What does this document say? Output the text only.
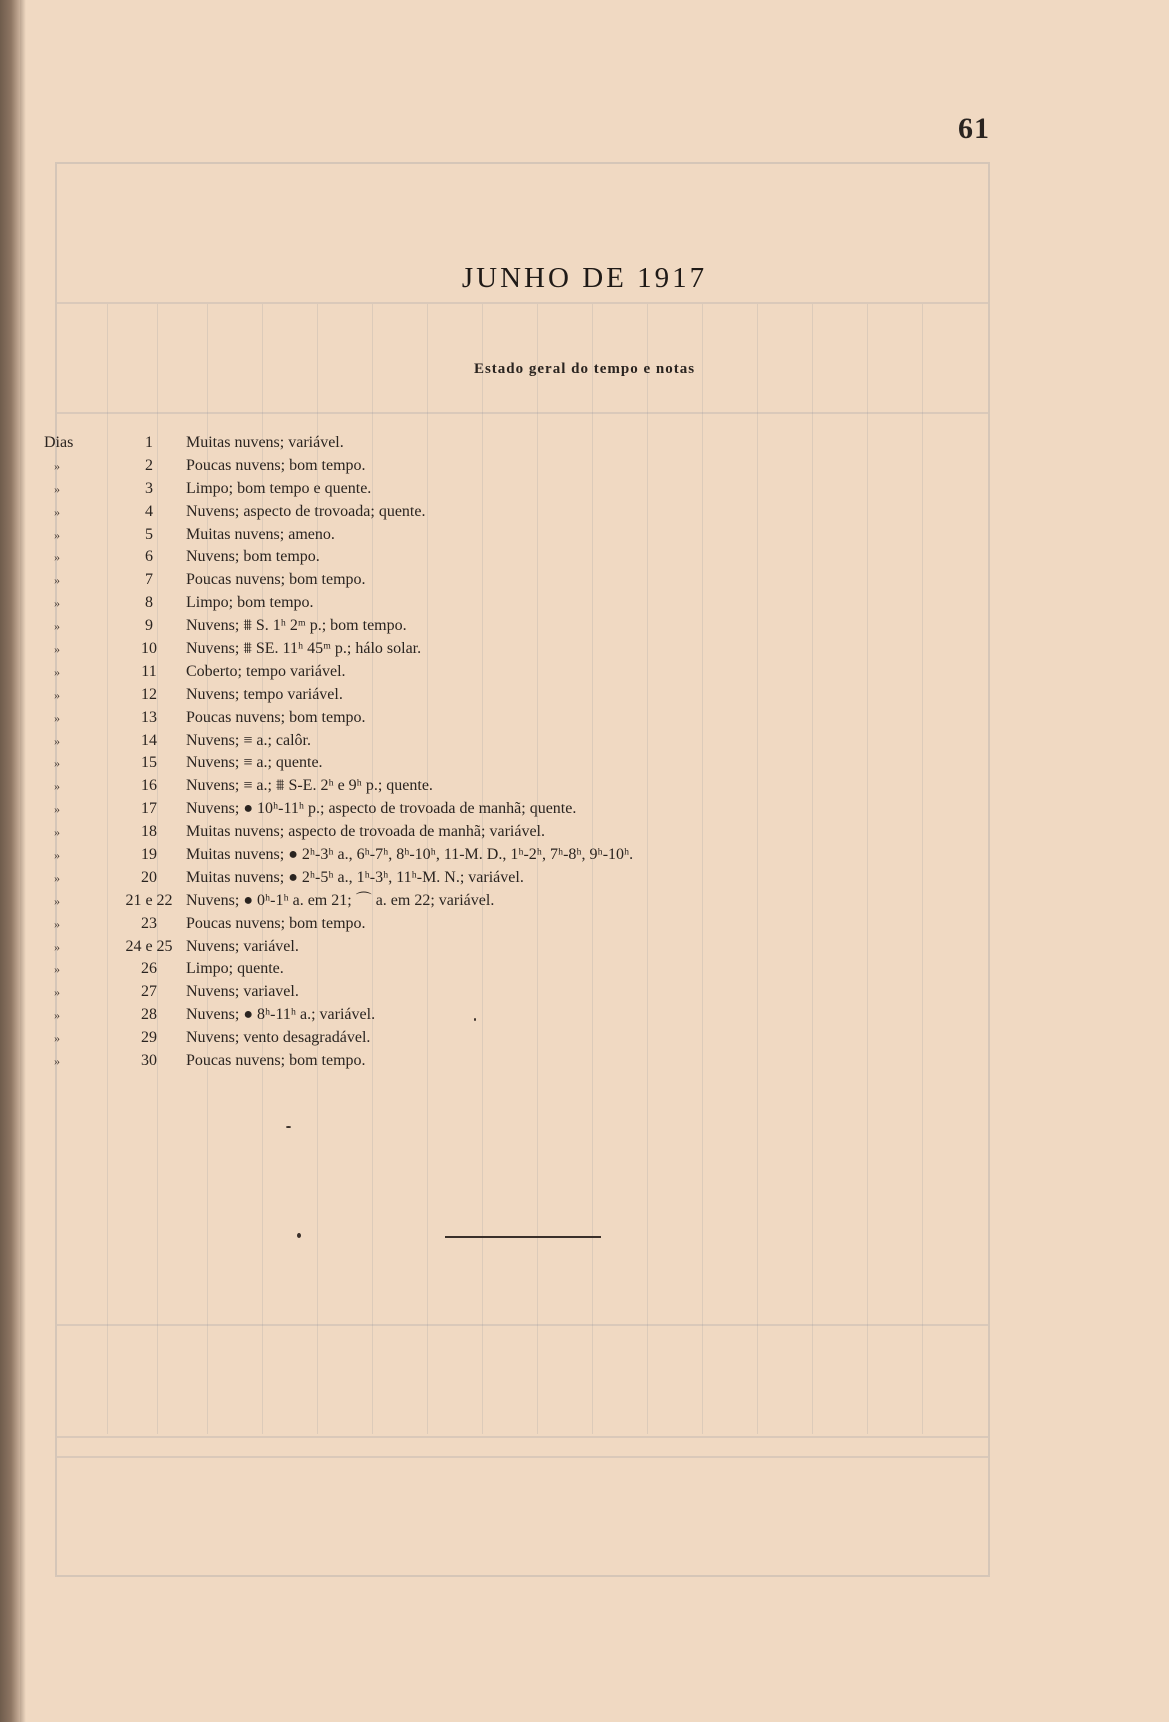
61
JUNHO DE 1917
Estado geral do tempo e notas
Dias	1	Muitas nuvens; variável.
»	2	Poucas nuvens; bom tempo.
»	3	Limpo; bom tempo e quente.
»	4	Nuvens; aspecto de trovoada; quente.
»	5	Muitas nuvens; ameno.
»	6	Nuvens; bom tempo.
»	7	Poucas nuvens; bom tempo.
»	8	Limpo; bom tempo.
»	9	Nuvens; ⩩ S. 1ʰ 2ᵐ p.; bom tempo.
»	10	Nuvens; ⩩ SE. 11ʰ 45ᵐ p.; hálo solar.
»	11	Coberto; tempo variável.
»	12	Nuvens; tempo variável.
»	13	Poucas nuvens; bom tempo.
»	14	Nuvens; ≡ a.; calôr.
»	15	Nuvens; ≡ a.; quente.
»	16	Nuvens; ≡ a.; ⩩ S-E. 2ʰ e 9ʰ p.; quente.
»	17	Nuvens; ● 10ʰ-11ʰ p.; aspecto de trovoada de manhã; quente.
»	18	Muitas nuvens; aspecto de trovoada de manhã; variável.
»	19	Muitas nuvens; ● 2ʰ-3ʰ a., 6ʰ-7ʰ, 8ʰ-10ʰ, 11-M. D., 1ʰ-2ʰ, 7ʰ-8ʰ, 9ʰ-10ʰ.
»	20	Muitas nuvens; ● 2ʰ-5ʰ a., 1ʰ-3ʰ, 11ʰ-M. N.; variável.
»	21 e 22 Nuvens; ● 0ʰ-1ʰ a. em 21; ⌒ a. em 22; variável.
»	23	Poucas nuvens; bom tempo.
»	24 e 25 Nuvens; variável.
»	26	Limpo; quente.
»	27	Nuvens; variavel.
»	28	Nuvens; ● 8ʰ-11ʰ a.; variável.
»	29	Nuvens; vento desagradável.
»	30	Poucas nuvens; bom tempo.
